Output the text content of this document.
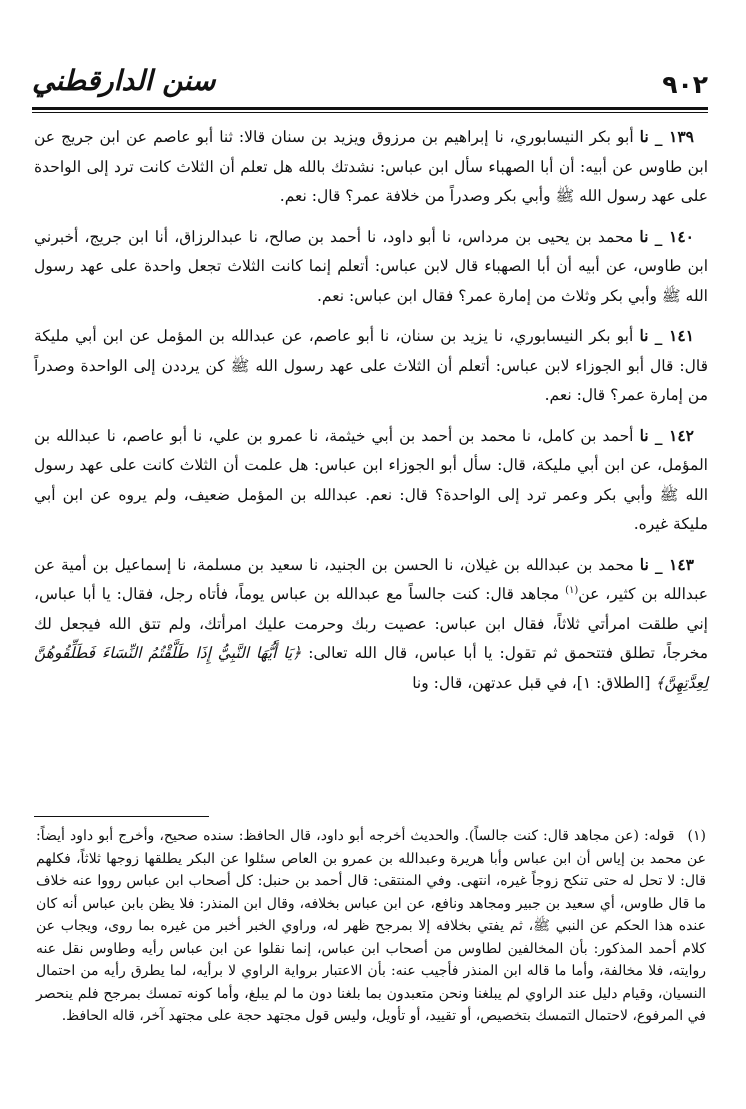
٩٠٢
سنن الدارقطني

١٣٩ _ نا أبو بكر النيسابوري، نا إبراهيم بن مرزوق ويزيد بن سنان قالا: ثنا أبو عاصم عن ابن جريج عن ابن طاوس عن أبيه: أن أبا الصهباء سأل ابن عباس: نشدتك بالله هل تعلم أن الثلاث كانت ترد إلى الواحدة على عهد رسول الله ﷺ وأبي بكر وصدراً من خلافة عمر؟ قال: نعم.

١٤٠ _ نا محمد بن يحيى بن مرداس، نا أبو داود، نا أحمد بن صالح، نا عبدالرزاق، أنا ابن جريج، أخبرني ابن طاوس، عن أبيه أن أبا الصهباء قال لابن عباس: أتعلم إنما كانت الثلاث تجعل واحدة على عهد رسول الله ﷺ وأبي بكر وثلاث من إمارة عمر؟ فقال ابن عباس: نعم.

١٤١ _ نا أبو بكر النيسابوري، نا يزيد بن سنان، نا أبو عاصم، عن عبدالله بن المؤمل عن ابن أبي مليكة قال: قال أبو الجوزاء لابن عباس: أتعلم أن الثلاث على عهد رسول الله ﷺ كن يرددن إلى الواحدة وصدراً من إمارة عمر؟ قال: نعم.

١٤٢ _ نا أحمد بن كامل، نا محمد بن أحمد بن أبي خيثمة، نا عمرو بن علي، نا أبو عاصم، نا عبدالله بن المؤمل، عن ابن أبي مليكة، قال: سأل أبو الجوزاء ابن عباس: هل علمت أن الثلاث كانت على عهد رسول الله ﷺ وأبي بكر وعمر ترد إلى الواحدة؟ قال: نعم. عبدالله بن المؤمل ضعيف، ولم يروه عن ابن أبي مليكة غيره.

١٤٣ _ نا محمد بن عبدالله بن غيلان، نا الحسن بن الجنيد، نا سعيد بن مسلمة، نا إسماعيل بن أمية عن عبدالله بن كثير، عن$^{(١)}$ مجاهد قال: كنت جالساً مع عبدالله بن عباس يوماً، فأتاه رجل، فقال: يا أبا عباس، إني طلقت امرأتي ثلاثاً، فقال ابن عباس: عصيت ربك وحرمت عليك امرأتك، ولم تتق الله فيجعل لك مخرجاً، تطلق فتتحمق ثم تقول: يا أبا عباس، قال الله تعالى: ﴿يَا أَيُّهَا النَّبِيُّ إِذَا طَلَّقْتُمُ النِّسَاءَ فَطَلِّقُوهُنَّ لِعِدَّتِهِنَّ﴾ [الطلاق: ١]، في قبل عدتهن، قال: ونا

(١) قوله: (عن مجاهد قال: كنت جالساً). والحديث أخرجه أبو داود، قال الحافظ: سنده صحيح، وأخرج أبو داود أيضاً: عن محمد بن إياس أن ابن عباس وأبا هريرة وعبدالله بن عمرو بن العاص سئلوا عن البكر يطلقها زوجها ثلاثاً، فكلهم قال: لا تحل له حتى تنكح زوجاً غيره، انتهى. وفي المنتقى: قال أحمد بن حنبل: كل أصحاب ابن عباس رووا عنه خلاف ما قال طاوس، أي سعيد بن جبير ومجاهد ونافع، عن ابن عباس بخلافه، وقال ابن المنذر: فلا يظن بابن عباس أنه كان عنده هذا الحكم عن النبي ﷺ، ثم يفتي بخلافه إلا بمرجح ظهر له، وراوي الخبر أخبر من غيره بما روى، ويجاب عن كلام أحمد المذكور: بأن المخالفين لطاوس من أصحاب ابن عباس، إنما نقلوا عن ابن عباس رأيه وطاوس نقل عنه روايته، فلا مخالفة، وأما ما قاله ابن المنذر فأجيب عنه: بأن الاعتبار برواية الراوي لا برأيه، لما يطرق رأيه من احتمال النسيان، وقيام دليل عند الراوي لم يبلغنا ونحن متعبدون بما بلغنا دون ما لم يبلغ، وأما كونه تمسك بمرجح فلم ينحصر في المرفوع، لاحتمال التمسك بتخصيص، أو تقييد، أو تأويل، وليس قول مجتهد حجة على مجتهد آخر، قاله الحافظ.
